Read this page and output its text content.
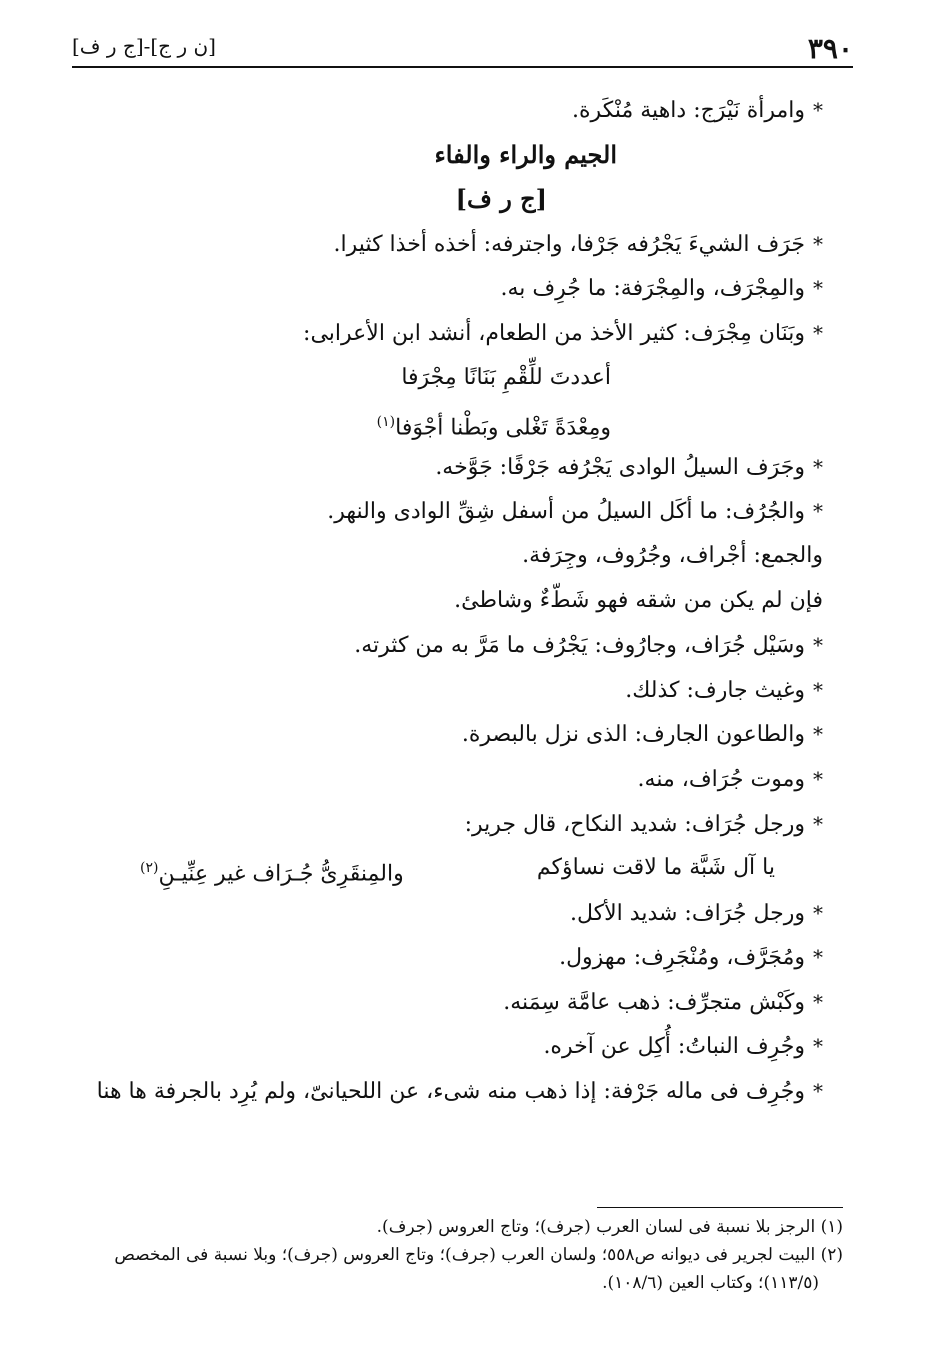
٣٩٠
[ن ر ج]-[ج ر ف]
*وامرأة نَيْرَج: داهية مُنْكَرة.
الجيم والراء والفاء
[ج ر ف]
*جَرَف الشيءَ يَجْرُفه جَرْفا، واجترفه: أخذه أخذا كثيرا.
*والمِجْرَف، والمِجْرَفة: ما جُرِف به.
*وبَنَان مِجْرَف: كثير الأخذ من الطعام، أنشد ابن الأعرابى:
أعددتَ للِّقْمِ بَنَانًا مِجْرَفا
ومِعْدَةً تَغْلى وبَطْنا أجْوَفا$^{(١)}$
*وجَرَف السيلُ الوادى يَجْرُفه جَرْفًا: جَوَّخه.
*والجُرُف: ما أكَل السيلُ من أسفل شِقِّ الوادى والنهر.
والجمع: أجْراف، وجُرُوف، وجِرَفة.
فإن لم يكن من شقه فهو شَطّءٌ وشاطئ.
*وسَيْل جُرَاف، وجارُوف: يَجْرُف ما مَرَّ به من كثرته.
*وغيث جارف: كذلك.
*والطاعون الجارف: الذى نزل بالبصرة.
*وموت جُرَاف، منه.
*ورجل جُرَاف: شديد النكاح، قال جرير:
يا آل شَبَّة ما لاقت نساؤكم
والمِنقَرِىُّ جُـرَاف غير عِنِّيـنِ$^{(٢)}$
*ورجل جُرَاف: شديد الأكل.
*ومُجَرَّف، ومُنْجَرِف: مهزول.
*وكَبْش متجرِّف: ذهب عامَّة سِمَنه.
*وجُرِف النباتُ: أُكِل عن آخره.
*وجُرِف فى ماله جَرْفة: إذا ذهب منه شىء، عن اللحيانىّ، ولم يُرِد بالجرفة ها هنا
(١) الرجز بلا نسبة فى لسان العرب (جرف)؛ وتاج العروس (جرف).
(٢) البيت لجرير فى ديوانه ص٥٥٨؛ ولسان العرب (جرف)؛ وتاج العروس (جرف)؛ وبلا نسبة فى المخصص
(١١٣/٥)؛ وكتاب العين (١٠٨/٦).
